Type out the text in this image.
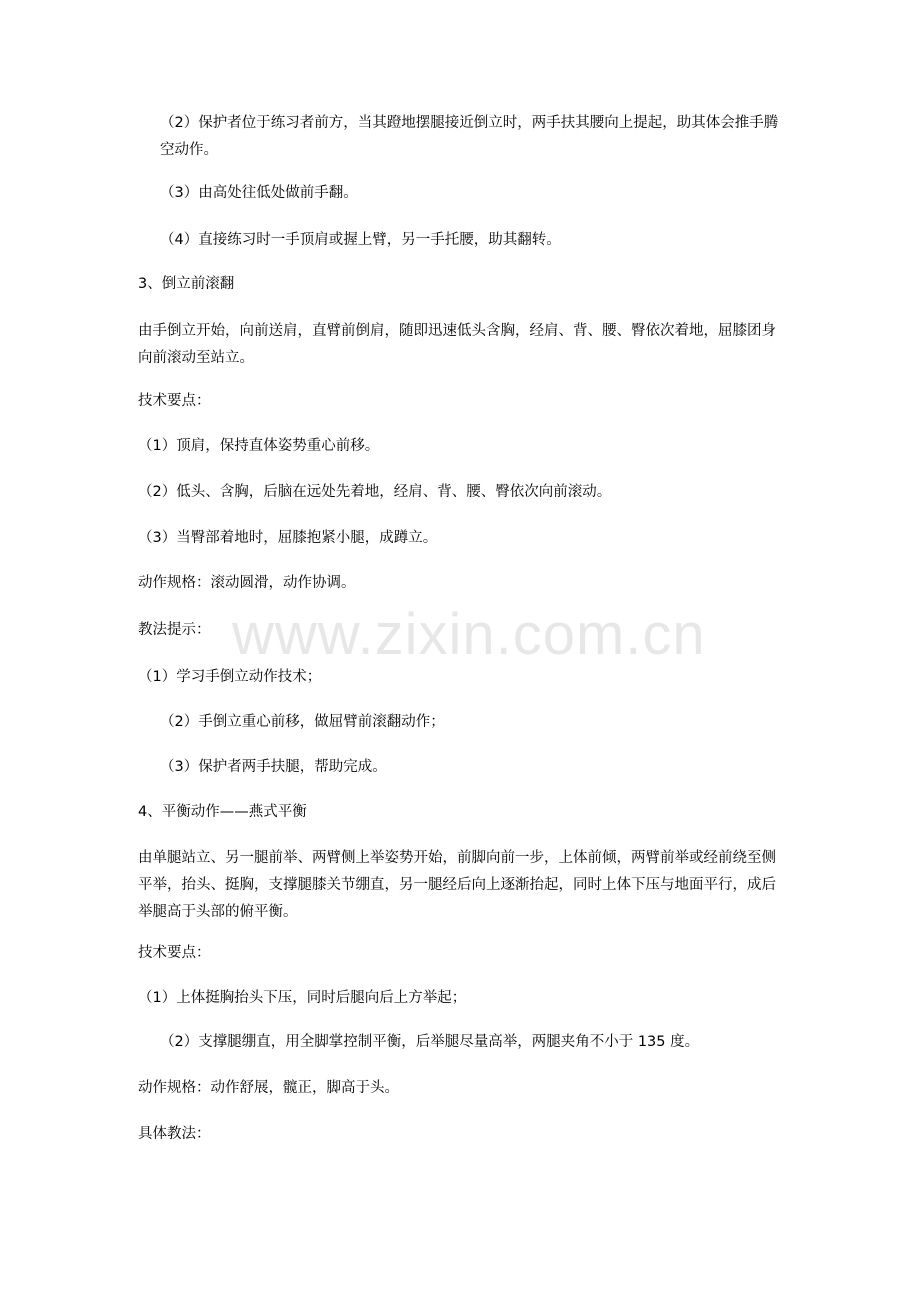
（2）保护者位于练习者前方，当其蹬地摆腿接近倒立时，两手扶其腰向上提起，助其体会推手腾空动作。

（3）由高处往低处做前手翻。

（4）直接练习时一手顶肩或握上臂，另一手托腰，助其翻转。

3、倒立前滚翻

由手倒立开始，向前送肩，直臂前倒肩，随即迅速低头含胸，经肩、背、腰、臀依次着地，屈膝团身向前滚动至站立。

技术要点：

（1）顶肩，保持直体姿势重心前移。

（2）低头、含胸，后脑在远处先着地，经肩、背、腰、臀依次向前滚动。

（3）当臀部着地时，屈膝抱紧小腿，成蹲立。

动作规格：滚动圆滑，动作协调。

教法提示：

（1）学习手倒立动作技术；

（2）手倒立重心前移，做屈臂前滚翻动作；

（3）保护者两手扶腿，帮助完成。

4、平衡动作——燕式平衡

由单腿站立、另一腿前举、两臂侧上举姿势开始，前脚向前一步，上体前倾，两臂前举或经前绕至侧平举，抬头、挺胸，支撑腿膝关节绷直，另一腿经后向上逐渐抬起，同时上体下压与地面平行，成后举腿高于头部的俯平衡。

技术要点：

（1）上体挺胸抬头下压，同时后腿向后上方举起；

（2）支撑腿绷直，用全脚掌控制平衡，后举腿尽量高举，两腿夹角不小于 135 度。

动作规格：动作舒展，髋正，脚高于头。

具体教法：

www.zixin.com.cn
